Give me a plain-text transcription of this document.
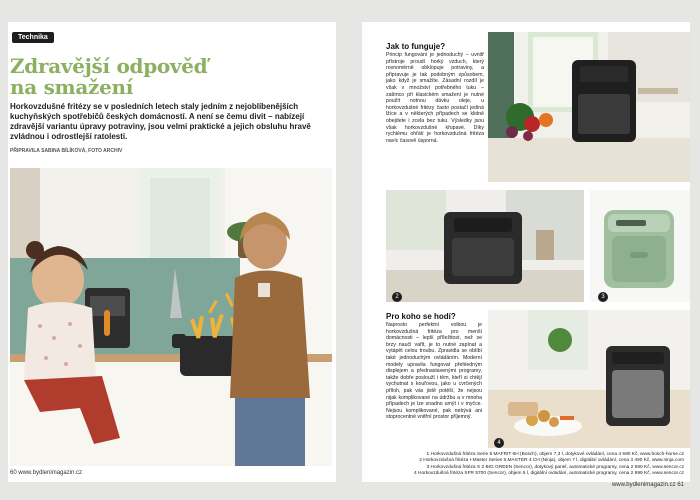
Technika
Zdravější odpověď
na smažení

Horkovzdušné fritézy se v posledních letech staly jedním z nejoblíbenějších kuchyňských spotřebičů českých domácností. A není se čemu divit – nabízejí zdravější variantu úpravy potraviny, jsou velmi praktické a jejich obsluhu hravě zvládnou i odrostlejší ratolesti.

PŘIPRAVILA SABINA BÍLÍKOVÁ, FOTO ARCHIV
60 www.bydlenimagazin.cz
Jak to funguje?
Princip fungování je jednoduchý – uvnitř přístroje proudí horký vzduch, který rovnoměrně obklopuje potraviny, a připravuje je tak podobným způsobem, jako když je smažíte. Zásadní rozdíl je však v množství potřebného tuku – zatímco při klasickém smažení je nutné použít notnou dávku oleje, u horkovzdušné fritézy často postačí jediná lžíce a v některých případech se klidně obejdete i zcela bez tuku. Výsledky jsou však horkovzdušné křupavé. Díky rychlému ohřátí je horkovzdušná fritéza navíc časově úsporná.
2	3
Pro koho se hodí?
Naprosto perfektní volbou je horkovzdušná fritéza pro menší domácnosti – lepší příležitost, než se brzy naučí vařit, je to nutné zapínat a vytápět celou troubu. Zpravidla se oblíbí také jednoduchým ovládáním. Moderní modely upravila fungovat přehledným displejem a přednastavenými programy, takže dobře poslouží i těm, kteří si chtějí vychutnat s kouřovou, jako u cvrčených příloh, pak vás jistě potěší, že nejsou nijak komplikované na údržbu a v mnoha případech je lze snadno umýt i v myčce. Nejsou komplikované, pak nebývá ani stoprocentně vnitřní prostor příjemný.
4
1 Horkovzdušná fritéza Serie 6 MAFRIT 6H (Bosch), objem 7,3 l, dotykové ovládání, cena 4 590 Kč, www.bosch-home.cz
2 Horkovzdušná fritéza I-Master Series 5 MASTER 4 CH (Ninja), objem 7 l, digitální ovládání, cena 3 490 Kč, www.ninja.com
3 Horkovzdušná fritéza S 2 BIG GREEN (Sencor), dotykový panel, automatické programy, cena 2 590 Kč, www.sencor.cz
4 Horkovzdušná fritéza SFR 5700 (Sencor), objem 5 l, digitální ovládání, automatické programy, cena 2 999 Kč, www.sencor.cz
www.bydlenimagazin.cz 61
